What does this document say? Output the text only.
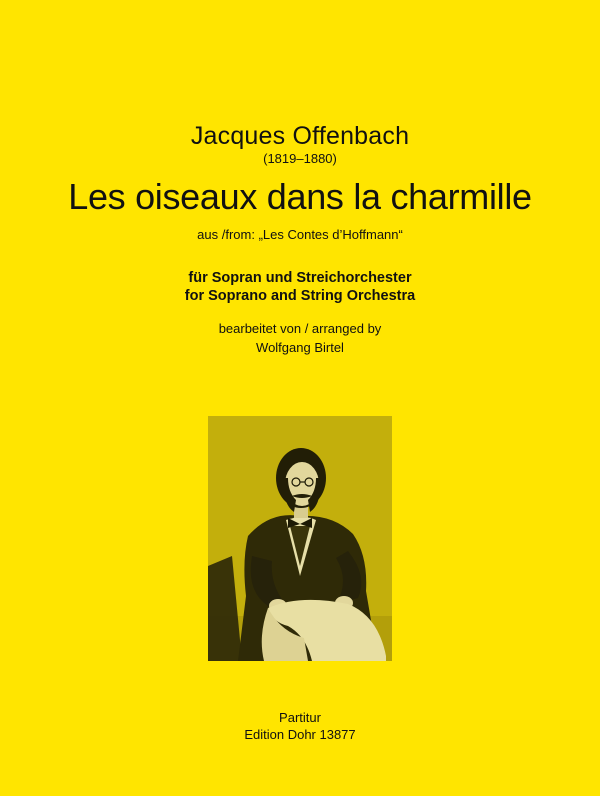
Jacques Offenbach
(1819–1880)
Les oiseaux dans la charmille
aus /from: „Les Contes d’Hoffmann“
für Sopran und Streichorchester
for Soprano and String Orchestra
bearbeitet von / arranged by
Wolfgang Birtel
Partitur
Edition Dohr 13877
